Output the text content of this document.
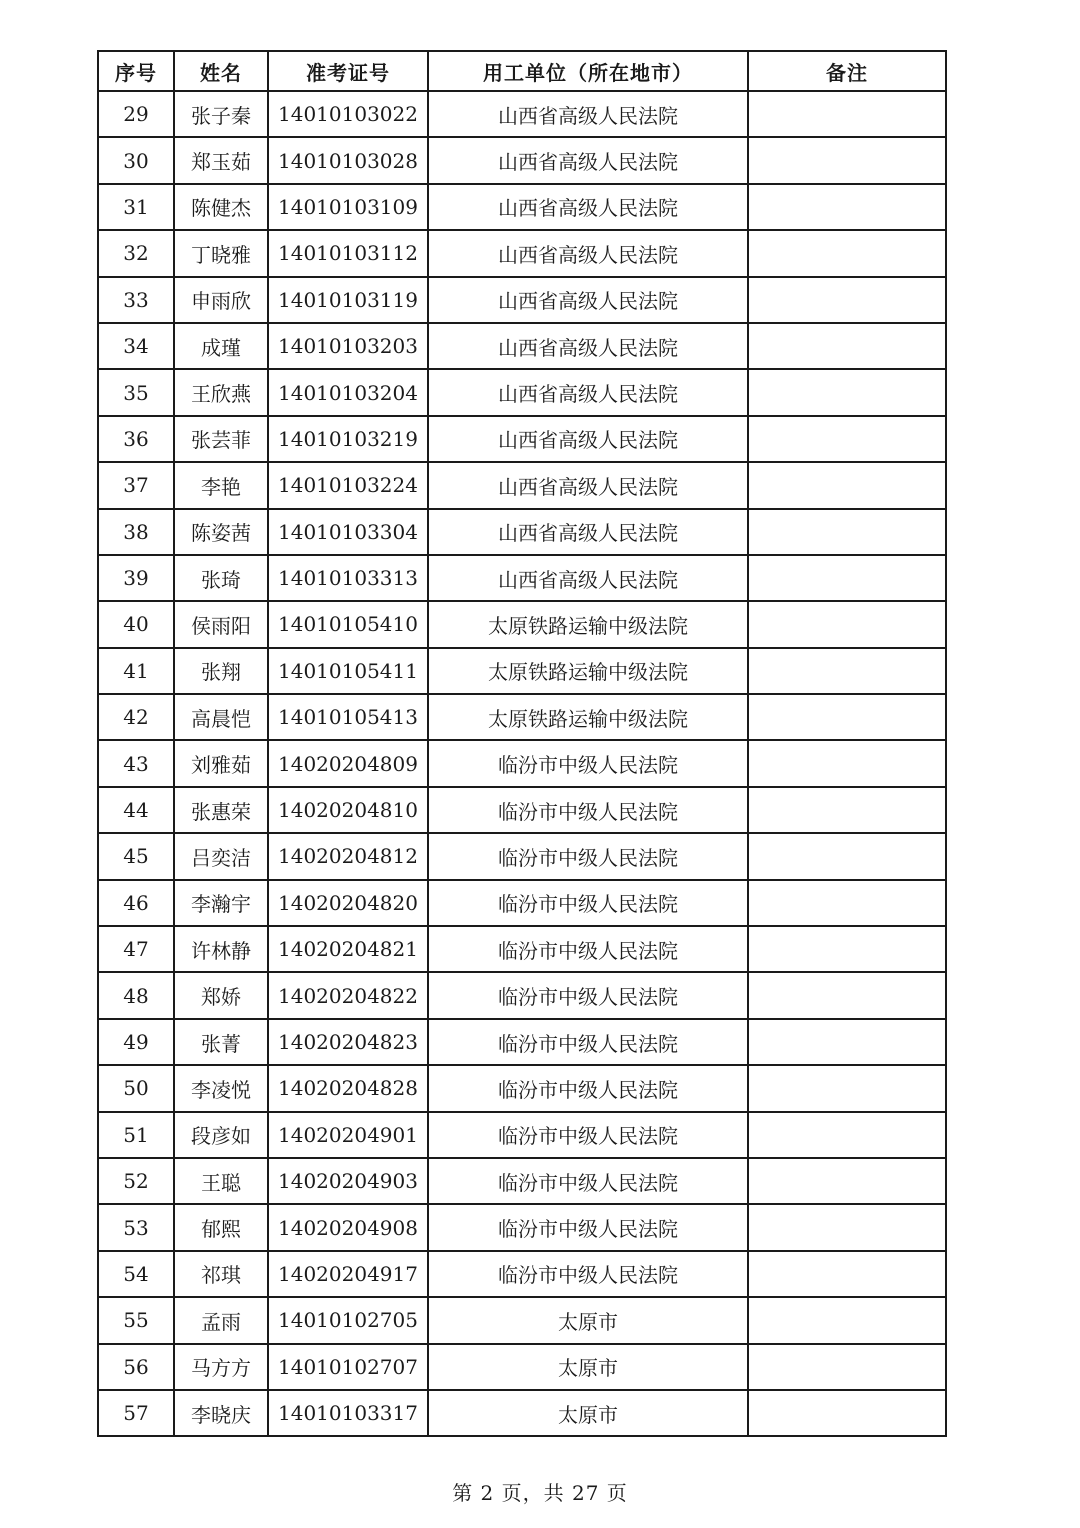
序号	姓名	准考证号	用工单位（所在地市）	备注
29	张子秦	14010103022	山西省高级人民法院	
30	郑玉茹	14010103028	山西省高级人民法院	
31	陈健杰	14010103109	山西省高级人民法院	
32	丁晓雅	14010103112	山西省高级人民法院	
33	申雨欣	14010103119	山西省高级人民法院	
34	成瑾	14010103203	山西省高级人民法院	
35	王欣燕	14010103204	山西省高级人民法院	
36	张芸菲	14010103219	山西省高级人民法院	
37	李艳	14010103224	山西省高级人民法院	
38	陈姿茜	14010103304	山西省高级人民法院	
39	张琦	14010103313	山西省高级人民法院	
40	侯雨阳	14010105410	太原铁路运输中级法院	
41	张翔	14010105411	太原铁路运输中级法院	
42	高晨恺	14010105413	太原铁路运输中级法院	
43	刘雅茹	14020204809	临汾市中级人民法院	
44	张惠荣	14020204810	临汾市中级人民法院	
45	吕奕洁	14020204812	临汾市中级人民法院	
46	李瀚宇	14020204820	临汾市中级人民法院	
47	许林静	14020204821	临汾市中级人民法院	
48	郑娇	14020204822	临汾市中级人民法院	
49	张菁	14020204823	临汾市中级人民法院	
50	李凌悦	14020204828	临汾市中级人民法院	
51	段彦如	14020204901	临汾市中级人民法院	
52	王聪	14020204903	临汾市中级人民法院	
53	郁熙	14020204908	临汾市中级人民法院	
54	祁琪	14020204917	临汾市中级人民法院	
55	孟雨	14010102705	太原市	
56	马方方	14010102707	太原市	
57	李晓庆	14010103317	太原市	
第 2 页，共 27 页
